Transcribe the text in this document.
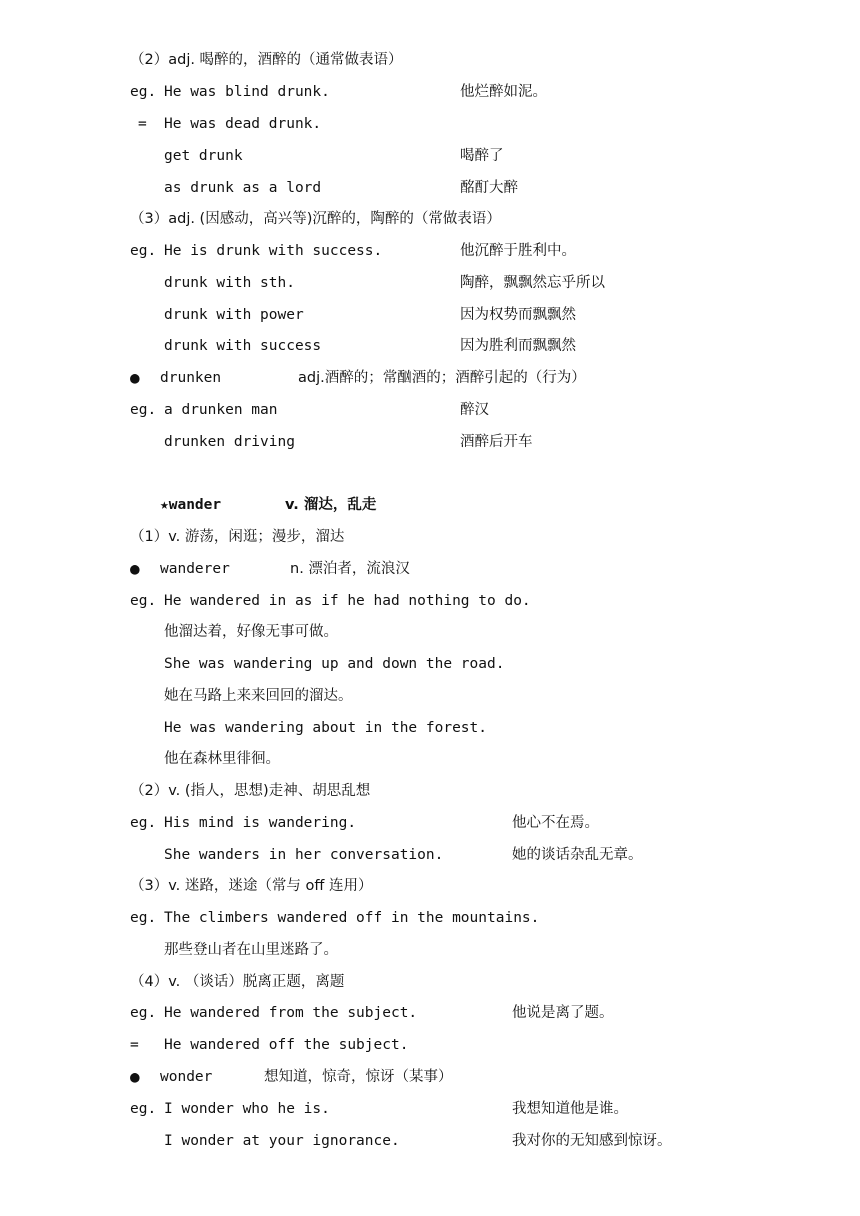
（2）adj. 喝醉的，酒醉的（通常做表语）
eg. He was blind drunk.	他烂醉如泥。
= He was dead drunk.
get drunk	喝醉了
as drunk as a lord	酩酊大醉
（3）adj. (因感动，高兴等)沉醉的，陶醉的（常做表语）
eg. He is drunk with success.	他沉醉于胜利中。
drunk with sth.	陶醉，飘飘然忘乎所以
drunk with power	因为权势而飘飘然
drunk with success	因为胜利而飘飘然
● drunken	adj.酒醉的；常酗酒的；酒醉引起的（行为）
eg. a drunken man	醉汉
drunken driving	酒醉后开车
★wander	v. 溜达，乱走
（1）v. 游荡，闲逛；漫步，溜达
● wanderer	n. 漂泊者，流浪汉
eg. He wandered in as if he had nothing to do.
他溜达着，好像无事可做。
She was wandering up and down the road.
她在马路上来来回回的溜达。
He was wandering about in the forest.
他在森林里徘徊。
（2）v. (指人，思想)走神、胡思乱想
eg. His mind is wandering.	他心不在焉。
She wanders in her conversation.	她的谈话杂乱无章。
（3）v. 迷路，迷途（常与 off 连用）
eg. The climbers wandered off in the mountains.
那些登山者在山里迷路了。
（4）v. （谈话）脱离正题，离题
eg. He wandered from the subject.	他说是离了题。
= He wandered off the subject.
● wonder	想知道，惊奇，惊讶（某事）
eg. I wonder who he is.	我想知道他是谁。
I wonder at your ignorance.	我对你的无知感到惊讶。
